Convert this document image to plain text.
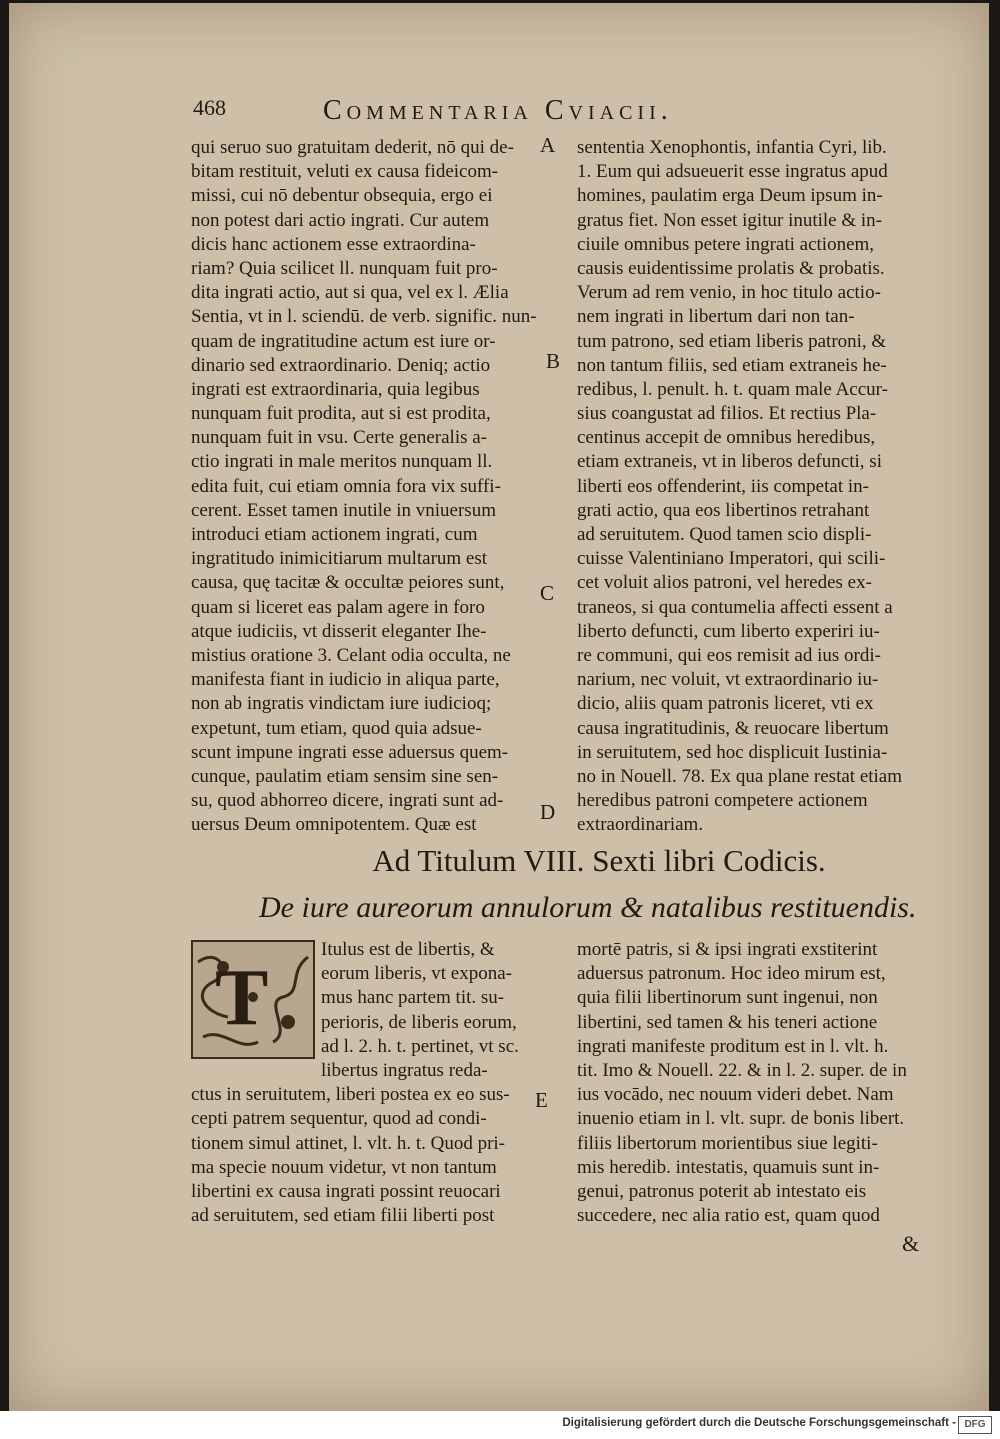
468	Commentaria Cviacii.
qui seruo suo gratuitam dederit, nō qui de-
bitam restituit, veluti ex causa fideicom-
missi, cui nō debentur obsequia, ergo ei
non potest dari actio ingrati. Cur autem
dicis hanc actionem esse extraordina-
riam? Quia scilicet ll. nunquam fuit pro-
dita ingrati actio, aut si qua, vel ex l. Ælia
Sentia, vt in l. sciendū. de verb. signific. nun-
quam de ingratitudine actum est iure or-
dinario sed extraordinario. Deniq; actio
ingrati est extraordinaria, quia legibus
nunquam fuit prodita, aut si est prodita,
nunquam fuit in vsu. Certe generalis a-
ctio ingrati in male meritos nunquam ll.
edita fuit, cui etiam omnia fora vix suffi-
cerent. Esset tamen inutile in vniuersum
introduci etiam actionem ingrati, cum
ingratitudo inimicitiarum multarum est
causa, quę tacitæ & occultæ peiores sunt,
quam si liceret eas palam agere in foro
atque iudiciis, vt disserit eleganter Ihe-
mistius oratione 3. Celant odia occulta, ne
manifesta fiant in iudicio in aliqua parte,
non ab ingratis vindictam iure iudicioq;
expetunt, tum etiam, quod quia adsue-
scunt impune ingrati esse aduersus quem-
cunque, paulatim etiam sensim sine sen-
su, quod abhorreo dicere, ingrati sunt ad-
uersus Deum omnipotentem. Quæ est
sententia Xenophontis, infantia Cyri, lib.
1. Eum qui adsueuerit esse ingratus apud
homines, paulatim erga Deum ipsum in-
gratus fiet. Non esset igitur inutile & in-
ciuile omnibus petere ingrati actionem,
causis euidentissime prolatis & probatis.
Verum ad rem venio, in hoc titulo actio-
nem ingrati in libertum dari non tan-
tum patrono, sed etiam liberis patroni, &
non tantum filiis, sed etiam extraneis he-
redibus, l. penult. h. t. quam male Accur-
sius coangustat ad filios. Et rectius Pla-
centinus accepit de omnibus heredibus,
etiam extraneis, vt in liberos defuncti, si
liberti eos offenderint, iis competat in-
grati actio, qua eos libertinos retrahant
ad seruitutem. Quod tamen scio displi-
cuisse Valentiniano Imperatori, qui scili-
cet voluit alios patroni, vel heredes ex-
traneos, si qua contumelia affecti essent a
liberto defuncti, cum liberto experiri iu-
re communi, qui eos remisit ad ius ordi-
narium, nec voluit, vt extraordinario iu-
dicio, aliis quam patronis liceret, vti ex
causa ingratitudinis, & reuocare libertum
in seruitutem, sed hoc displicuit Iustinia-
no in Nouell. 78. Ex qua plane restat etiam
heredibus patroni competere actionem
extraordinariam.
A
B
C
D
E
Ad Titulum VIII. Sexti libri Codicis.
De iure aureorum annulorum & natalibus restituendis.
T
Itulus est de libertis, &
eorum liberis, vt expona-
mus hanc partem tit. su-
perioris, de liberis eorum,
ad l. 2. h. t. pertinet, vt sc.
libertus ingratus reda-
ctus in seruitutem, liberi postea ex eo sus-
cepti patrem sequentur, quod ad condi-
tionem simul attinet, l. vlt. h. t. Quod pri-
ma specie nouum videtur, vt non tantum
libertini ex causa ingrati possint reuocari
ad seruitutem, sed etiam filii liberti post
mortē patris, si & ipsi ingrati exstiterint
aduersus patronum. Hoc ideo mirum est,
quia filii libertinorum sunt ingenui, non
libertini, sed tamen & his teneri actione
ingrati manifeste proditum est in l. vlt. h.
tit. Imo & Nouell. 22. & in l. 2. super. de in
ius vocādo, nec nouum videri debet. Nam
inuenio etiam in l. vlt. supr. de bonis libert.
filiis libertorum morientibus siue legiti-
mis heredib. intestatis, quamuis sunt in-
genui, patronus poterit ab intestato eis
succedere, nec alia ratio est, quam quod
&
Digitalisierung gefördert durch die Deutsche Forschungsgemeinschaft - DFG
